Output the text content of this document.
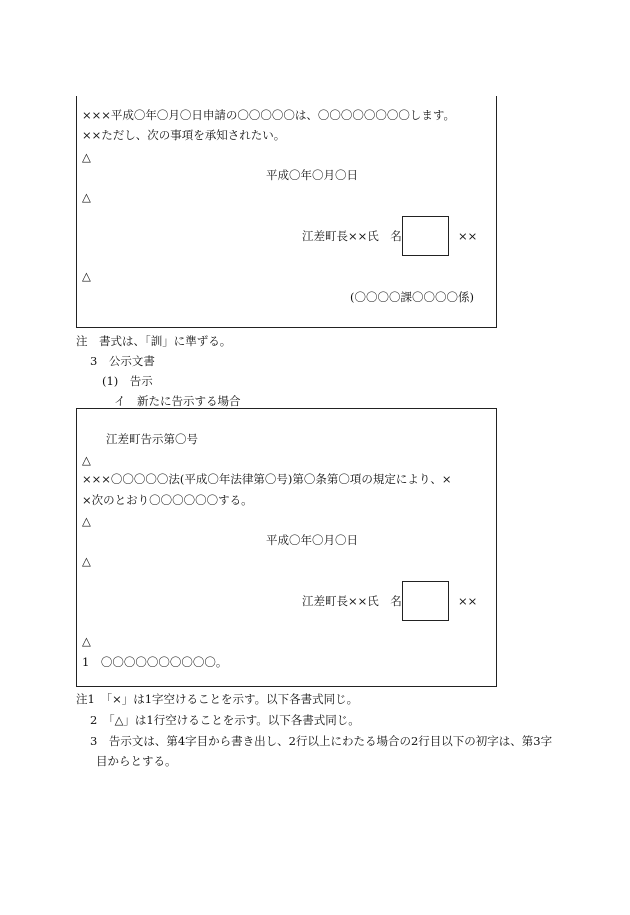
×××平成〇年〇月〇日申請の〇〇〇〇〇は、〇〇〇〇〇〇〇〇します。
××ただし、次の事項を承知されたい。
△
平成〇年〇月〇日
△
江差町長××氏　名	××
△
(〇〇〇〇課〇〇〇〇係)
注　書式は、「訓」に準ずる。
3　公示文書
(1)　告示
イ　新たに告示する場合
江差町告示第〇号
△
×××〇〇〇〇〇法(平成〇年法律第〇号)第〇条第〇項の規定により、×
×次のとおり〇〇〇〇〇〇する。
△
平成〇年〇月〇日
△
江差町長××氏　名	××
△
1　〇〇〇〇〇〇〇〇〇〇。
注1　「×」は1字空けることを示す。以下各書式同じ。
2　「△」は1行空けることを示す。以下各書式同じ。
3　告示文は、第4字目から書き出し、2行以上にわたる場合の2行目以下の初字は、第3字
目からとする。
